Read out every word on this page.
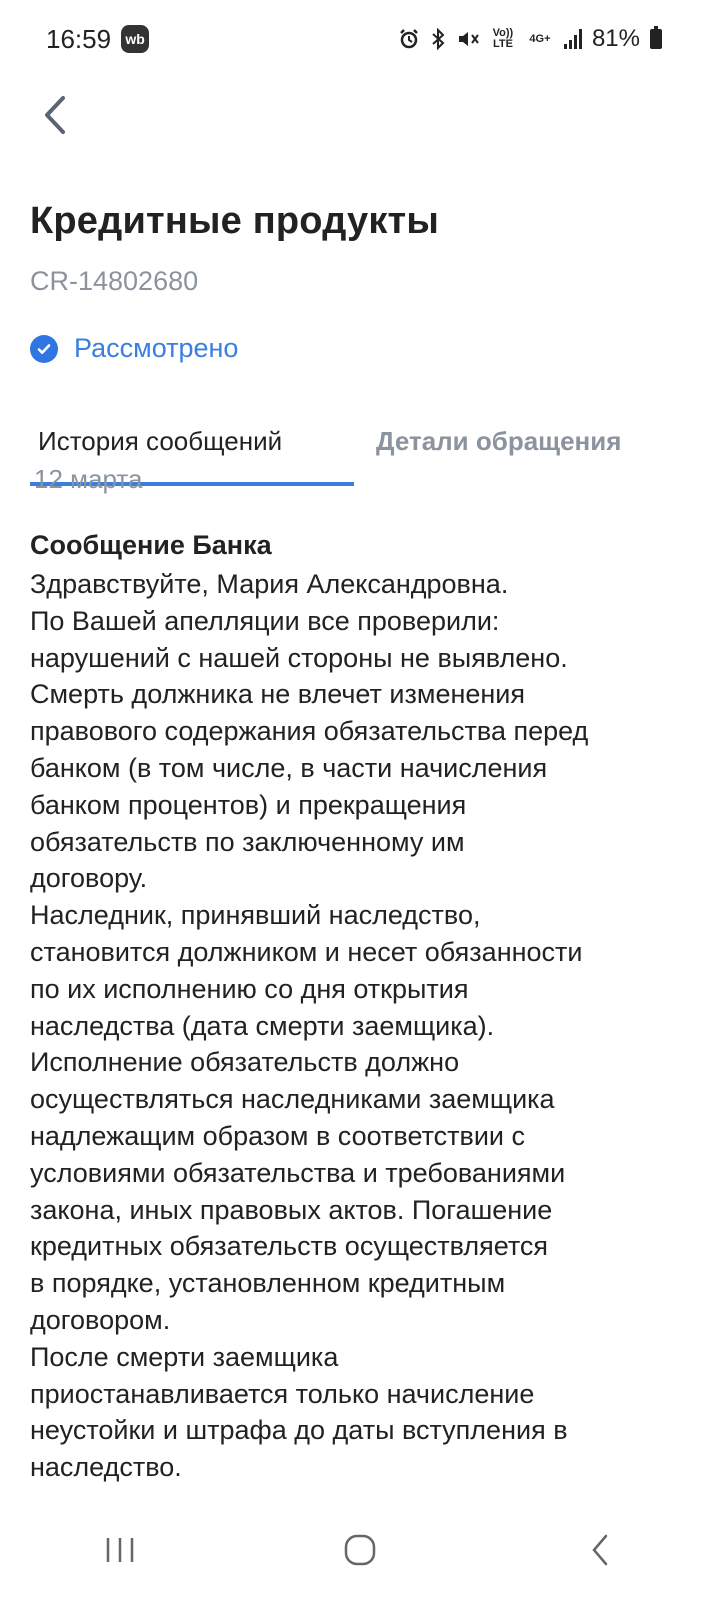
16:59	wb	Vo)) LTE	4G+ 81%
Кредитные продукты
CR-14802680
Рассмотрено
История сообщений	Детали обращения
12 марта
Сообщение Банка
Здравствуйте, Мария Александровна.
По Вашей апелляции все проверили:
нарушений с нашей стороны не выявлено.
Смерть должника не влечет изменения
правового содержания обязательства перед
банком (в том числе, в части начисления
банком процентов) и прекращения
обязательств по заключенному им
договору.
Наследник, принявший наследство,
становится должником и несет обязанности
по их исполнению со дня открытия
наследства (дата смерти заемщика).
Исполнение обязательств должно
осуществляться наследниками заемщика
надлежащим образом в соответствии с
условиями обязательства и требованиями
закона, иных правовых актов. Погашение
кредитных обязательств осуществляется
в порядке, установленном кредитным
договором.
После смерти заемщика
приостанавливается только начисление
неустойки и штрафа до даты вступления в
наследство.
